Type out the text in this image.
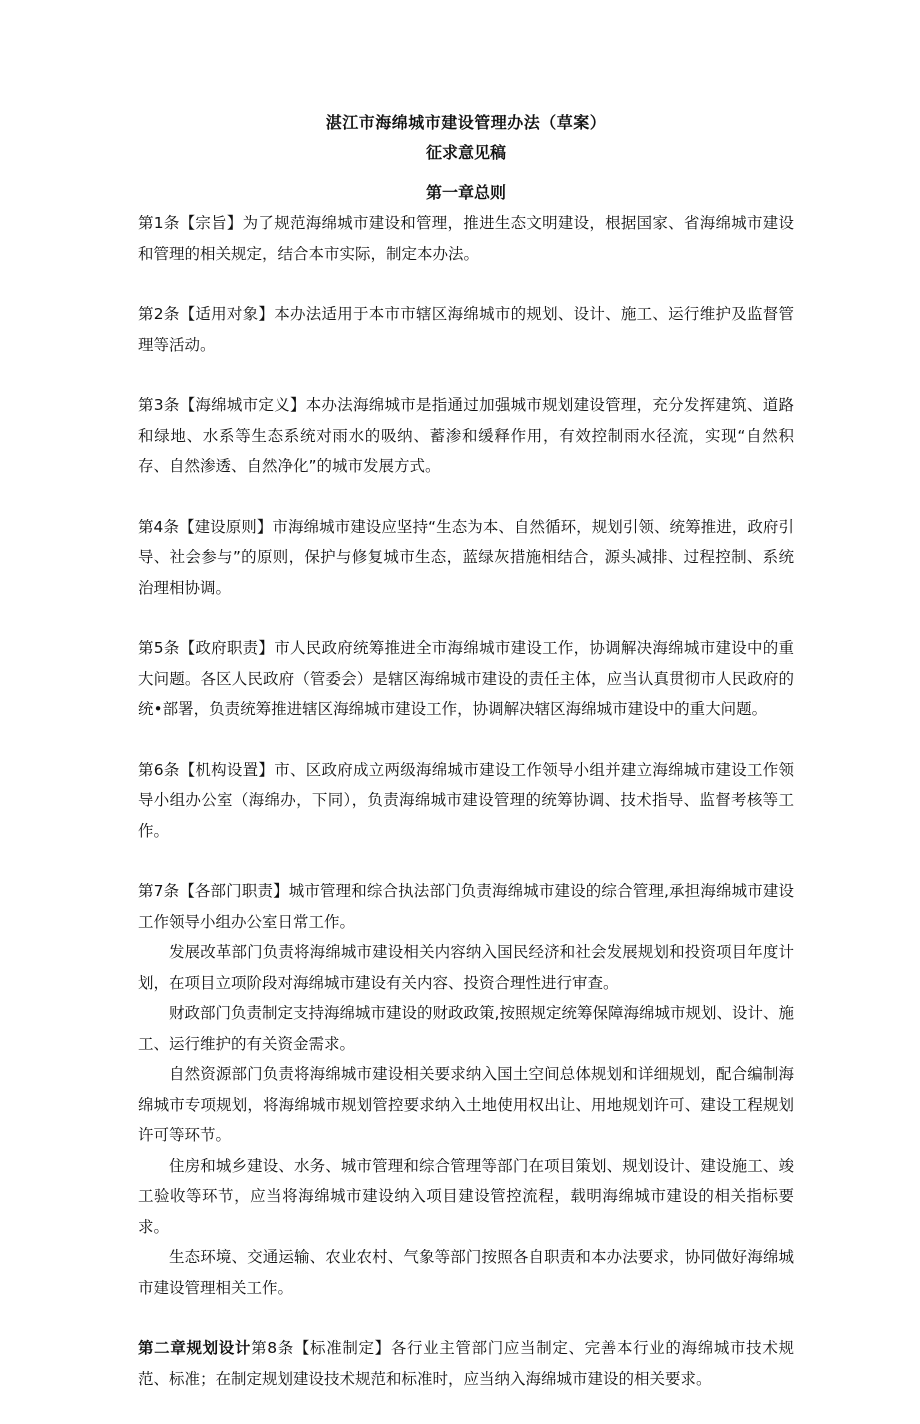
湛江市海绵城市建设管理办法（草案）

征求意见稿

第一章总则

第1条【宗旨】为了规范海绵城市建设和管理，推进生态文明建设，根据国家、省海绵城市建设和管理的相关规定，结合本市实际，制定本办法。

第2条【适用对象】本办法适用于本市市辖区海绵城市的规划、设计、施工、运行维护及监督管理等活动。

第3条【海绵城市定义】本办法海绵城市是指通过加强城市规划建设管理，充分发挥建筑、道路和绿地、水系等生态系统对雨水的吸纳、蓄渗和缓释作用，有效控制雨水径流，实现“自然积存、自然渗透、自然净化”的城市发展方式。

第4条【建设原则】市海绵城市建设应坚持“生态为本、自然循环，规划引领、统筹推进，政府引导、社会参与”的原则，保护与修复城市生态，蓝绿灰措施相结合，源头减排、过程控制、系统治理相协调。

第5条【政府职责】市人民政府统筹推进全市海绵城市建设工作，协调解决海绵城市建设中的重大问题。各区人民政府（管委会）是辖区海绵城市建设的责任主体，应当认真贯彻市人民政府的统•部署，负责统筹推进辖区海绵城市建设工作，协调解决辖区海绵城市建设中的重大问题。

第6条【机构设置】市、区政府成立两级海绵城市建设工作领导小组并建立海绵城市建设工作领导小组办公室（海绵办，下同），负责海绵城市建设管理的统筹协调、技术指导、监督考核等工作。

第7条【各部门职责】城市管理和综合执法部门负责海绵城市建设的综合管理,承担海绵城市建设工作领导小组办公室日常工作。

发展改革部门负责将海绵城市建设相关内容纳入国民经济和社会发展规划和投资项目年度计划，在项目立项阶段对海绵城市建设有关内容、投资合理性进行审查。

财政部门负责制定支持海绵城市建设的财政政策,按照规定统筹保障海绵城市规划、设计、施工、运行维护的有关资金需求。

自然资源部门负责将海绵城市建设相关要求纳入国土空间总体规划和详细规划，配合编制海绵城市专项规划，将海绵城市规划管控要求纳入土地使用权出让、用地规划许可、建设工程规划许可等环节。

住房和城乡建设、水务、城市管理和综合管理等部门在项目策划、规划设计、建设施工、竣工验收等环节，应当将海绵城市建设纳入项目建设管控流程，载明海绵城市建设的相关指标要求。

生态环境、交通运输、农业农村、气象等部门按照各自职责和本办法要求，协同做好海绵城市建设管理相关工作。

第二章规划设计第8条【标准制定】各行业主管部门应当制定、完善本行业的海绵城市技术规范、标准；在制定规划建设技术规范和标准时，应当纳入海绵城市建设的相关要求。
